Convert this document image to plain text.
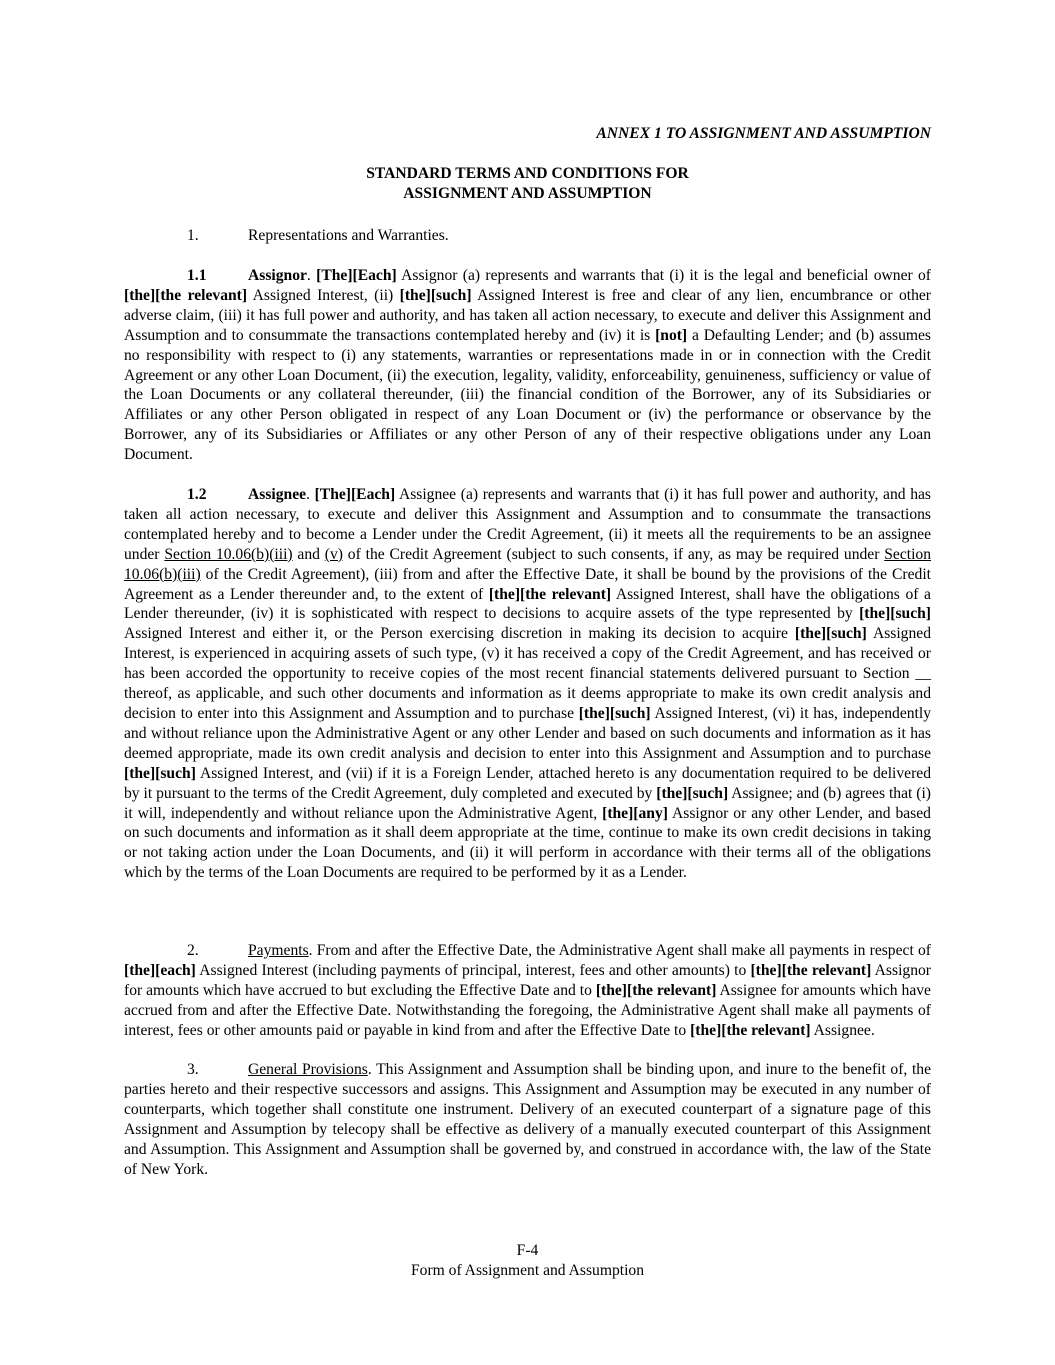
ANNEX 1 TO ASSIGNMENT AND ASSUMPTION
STANDARD TERMS AND CONDITIONS FOR
ASSIGNMENT AND ASSUMPTION
1.	Representations and Warranties.
1.1	Assignor. [The][Each] Assignor (a) represents and warrants that (i) it is the legal and beneficial owner of [the][the relevant] Assigned Interest, (ii) [the][such] Assigned Interest is free and clear of any lien, encumbrance or other adverse claim, (iii) it has full power and authority, and has taken all action necessary, to execute and deliver this Assignment and Assumption and to consummate the transactions contemplated hereby and (iv) it is [not] a Defaulting Lender; and (b) assumes no responsibility with respect to (i) any statements, warranties or representations made in or in connection with the Credit Agreement or any other Loan Document, (ii) the execution, legality, validity, enforceability, genuineness, sufficiency or value of the Loan Documents or any collateral thereunder, (iii) the financial condition of the Borrower, any of its Subsidiaries or Affiliates or any other Person obligated in respect of any Loan Document or (iv) the performance or observance by the Borrower, any of its Subsidiaries or Affiliates or any other Person of any of their respective obligations under any Loan Document.
1.2	Assignee. [The][Each] Assignee (a) represents and warrants that (i) it has full power and authority, and has taken all action necessary, to execute and deliver this Assignment and Assumption and to consummate the transactions contemplated hereby and to become a Lender under the Credit Agreement, (ii) it meets all the requirements to be an assignee under Section 10.06(b)(iii) and (v) of the Credit Agreement (subject to such consents, if any, as may be required under Section 10.06(b)(iii) of the Credit Agreement), (iii) from and after the Effective Date, it shall be bound by the provisions of the Credit Agreement as a Lender thereunder and, to the extent of [the][the relevant] Assigned Interest, shall have the obligations of a Lender thereunder, (iv) it is sophisticated with respect to decisions to acquire assets of the type represented by [the][such] Assigned Interest and either it, or the Person exercising discretion in making its decision to acquire [the][such] Assigned Interest, is experienced in acquiring assets of such type, (v) it has received a copy of the Credit Agreement, and has received or has been accorded the opportunity to receive copies of the most recent financial statements delivered pursuant to Section __ thereof, as applicable, and such other documents and information as it deems appropriate to make its own credit analysis and decision to enter into this Assignment and Assumption and to purchase [the][such] Assigned Interest, (vi) it has, independently and without reliance upon the Administrative Agent or any other Lender and based on such documents and information as it has deemed appropriate, made its own credit analysis and decision to enter into this Assignment and Assumption and to purchase [the][such] Assigned Interest, and (vii) if it is a Foreign Lender, attached hereto is any documentation required to be delivered by it pursuant to the terms of the Credit Agreement, duly completed and executed by [the][such] Assignee; and (b) agrees that (i) it will, independently and without reliance upon the Administrative Agent, [the][any] Assignor or any other Lender, and based on such documents and information as it shall deem appropriate at the time, continue to make its own credit decisions in taking or not taking action under the Loan Documents, and (ii) it will perform in accordance with their terms all of the obligations which by the terms of the Loan Documents are required to be performed by it as a Lender.
2.	Payments. From and after the Effective Date, the Administrative Agent shall make all payments in respect of [the][each] Assigned Interest (including payments of principal, interest, fees and other amounts) to [the][the relevant] Assignor for amounts which have accrued to but excluding the Effective Date and to [the][the relevant] Assignee for amounts which have accrued from and after the Effective Date. Notwithstanding the foregoing, the Administrative Agent shall make all payments of interest, fees or other amounts paid or payable in kind from and after the Effective Date to [the][the relevant] Assignee.
3.	General Provisions. This Assignment and Assumption shall be binding upon, and inure to the benefit of, the parties hereto and their respective successors and assigns. This Assignment and Assumption may be executed in any number of counterparts, which together shall constitute one instrument. Delivery of an executed counterpart of a signature page of this Assignment and Assumption by telecopy shall be effective as delivery of a manually executed counterpart of this Assignment and Assumption. This Assignment and Assumption shall be governed by, and construed in accordance with, the law of the State of New York.
F-4
Form of Assignment and Assumption
